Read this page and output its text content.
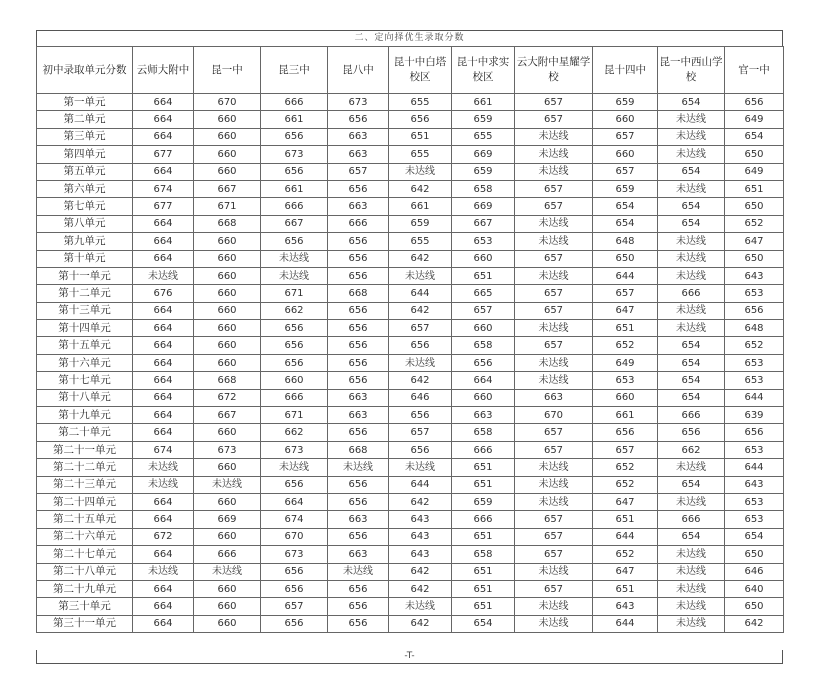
二、定向择优生录取分数
初中录取单元分数	云师大附中	昆一中	昆三中	昆八中	昆十中白塔校区	昆十中求实校区	云大附中星耀学校	昆十四中	昆一中西山学校	官一中
第一单元	664	670	666	673	655	661	657	659	654	656
第二单元	664	660	661	656	656	659	657	660	未达线	649
第三单元	664	660	656	663	651	655	未达线	657	未达线	654
第四单元	677	660	673	663	655	669	未达线	660	未达线	650
第五单元	664	660	656	657	未达线	659	未达线	657	654	649
第六单元	674	667	661	656	642	658	657	659	未达线	651
第七单元	677	671	666	663	661	669	657	654	654	650
第八单元	664	668	667	666	659	667	未达线	654	654	652
第九单元	664	660	656	656	655	653	未达线	648	未达线	647
第十单元	664	660	未达线	656	642	660	657	650	未达线	650
第十一单元	未达线	660	未达线	656	未达线	651	未达线	644	未达线	643
第十二单元	676	660	671	668	644	665	657	657	666	653
第十三单元	664	660	662	656	642	657	657	647	未达线	656
第十四单元	664	660	656	656	657	660	未达线	651	未达线	648
第十五单元	664	660	656	656	656	658	657	652	654	652
第十六单元	664	660	656	656	未达线	656	未达线	649	654	653
第十七单元	664	668	660	656	642	664	未达线	653	654	653
第十八单元	664	672	666	663	646	660	663	660	654	644
第十九单元	664	667	671	663	656	663	670	661	666	639
第二十单元	664	660	662	656	657	658	657	656	656	656
第二十一单元	674	673	673	668	656	666	657	657	662	653
第二十二单元	未达线	660	未达线	未达线	未达线	651	未达线	652	未达线	644
第二十三单元	未达线	未达线	656	656	644	651	未达线	652	654	643
第二十四单元	664	660	664	656	642	659	未达线	647	未达线	653
第二十五单元	664	669	674	663	643	666	657	651	666	653
第二十六单元	672	660	670	656	643	651	657	644	654	654
第二十七单元	664	666	673	663	643	658	657	652	未达线	650
第二十八单元	未达线	未达线	656	未达线	642	651	未达线	647	未达线	646
第二十九单元	664	660	656	656	642	651	657	651	未达线	640
第三十单元	664	660	657	656	未达线	651	未达线	643	未达线	650
第三十一单元	664	660	656	656	642	654	未达线	644	未达线	642
-T-
